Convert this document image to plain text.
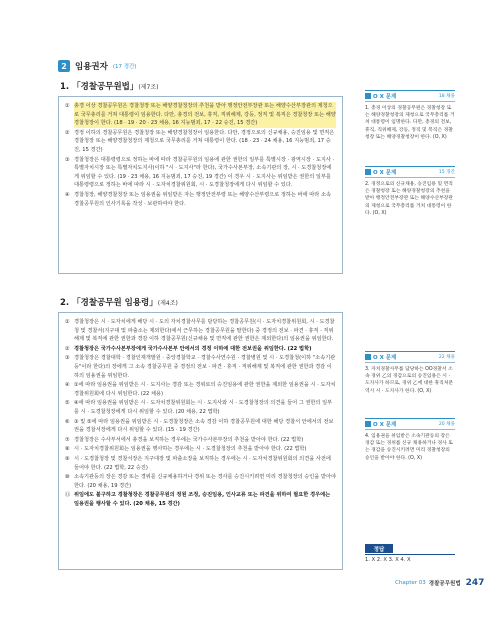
2 임용권자 (17 경간)
1. 「경찰공무원법」(제7조)
① 총경 이상 경찰공무원은 경찰청장 또는 해양경찰청장의 추천을 받아 행정안전부장관 또는 해양수산부장관의 제청으로 국무총리를 거쳐 대통령이 임용한다. 다만, 총경의 전보, 휴직, 직위해제, 강등, 정직 및 복직은 경찰청장 또는 해양경찰청장이 한다. (18 · 19 · 20 · 23 채용, 16 지능범죄, 17 · 22 승진, 15 경간)
② 경정 이하의 경찰공무원은 경찰청장 또는 해양경찰청장이 임용한다. 다만, 경정으로의 신규채용, 승진임용 및 면직은 경찰청장 또는 해양경찰청장의 제청으로 국무총리를 거쳐 대통령이 한다. (18 · 23 · 24 채용, 16 지능범죄, 17 승진, 15 경간)
③ 경찰청장은 대통령령으로 정하는 바에 따라 경찰공무원의 임용에 관한 권한의 일부를 특별시장 · 광역시장 · 도지사 · 특별자치시장 또는 특별자치도지사(이하 "시 · 도지사"라 한다), 국가수사본부장, 소속기관의 장, 시 · 도경찰청장에게 위임할 수 있다. (19 · 23 채용, 16 지능범죄, 17 승진, 19 경간) 이 경우 시 · 도지사는 위임받은 권한의 일부를 대통령령으로 정하는 바에 따라 시 · 도자치경찰위원회, 시 · 도경찰청장에게 다시 위임할 수 있다.
④ 경찰청장, 해양경찰청장 또는 임용권을 위임받은 자는 행정안전부령 또는 해양수산부령으로 정하는 바에 따라 소속 경찰공무원의 인사기록을 작성 · 보관하여야 한다.
2. 「경찰공무원 임용령」(제4조)
① 경찰청장은 시 · 도자치에게 해당 시 · 도의 자치경찰사무를 담당하는 경찰공무원(시 · 도자치경찰위원회, 시 · 도경찰청 및 경찰서(지구대 및 파출소는 제외한다)에서 근무하는 경찰공무원을 말한다) 중 경정의 전보 · 파견 · 휴직 · 직위해제 및 복직에 관한 권한과 경감 이하 경찰공무원(신규채용 및 면직에 관한 권한은 제외한다)의 임용권을 위임한다.
② 경찰청장은 국가수사본부장에게 국가수사본부 안에서의 경정 이하에 대한 전보권을 위임한다. (22 법학)
③ 경찰청장은 경찰대학 · 경찰인재개발원 · 중앙경찰학교 · 경찰수사연수원 · 경찰병원 및 시 · 도경찰청(이하 "소속기관등"이라 한다)의 장에게 그 소속 경찰공무원 중 경정의 전보 · 파견 · 휴직 · 직위해제 및 복직에 관한 권한과 경감 이하의 임용권을 위임한다.
④ ①에 따라 임용권을 위임받은 시 · 도지사는 경감 또는 경위로의 승진임용에 관한 권한을 제외한 임용권을 시 · 도자치경찰위원회에 다시 위임한다. (22 채용)
⑤ ④에 따라 임용권을 위임받은 시 · 도자치경찰위원회는 시 · 도지사와 시 · 도경찰청장의 의견을 들어 그 권한의 일부를 시 · 도경찰청장에게 다시 위임할 수 있다. (20 채용, 22 법학)
⑥ ③ 및 ⑤에 따라 임용권을 위임받은 시 · 도경찰청장은 소속 경감 이하 경찰공무원에 대한 해당 경찰서 안에서의 전보권을 경찰서장에게 다시 위임할 수 있다. (15 · 19 경간)
⑦ 경찰청장은 수사부서에서 총경을 보직하는 경우에는 국가수사본부장의 추천을 받아야 한다. (22 법학)
⑧ 시 · 도자치경찰위원회는 임용권을 행사하는 경우에는 시 · 도경찰청장의 추천을 받아야 한다. (22 법학)
⑨ 시 · 도경찰청장 및 경찰서장은 지구대장 및 파출소장을 보직하는 경우에는 시 · 도자치경찰위원회의 의견을 사전에 들어야 한다. (22 법학, 22 승진)
⑩ 소속기관등의 장은 경감 또는 경위를 신규채용하거나 경위 또는 경사를 승진시키려면 미리 경찰청장의 승인을 받아야 한다. (20 채용, 19 경간)
⑪ 위임에도 불구하고 경찰청장은 경찰공무원의 정원 조정, 승진임용, 인사교류 또는 파견을 위하여 필요한 경우에는 임용권을 행사할 수 있다. (20 채용, 15 경간)
O X 문제	18 채용
1. 총경 이상의 경찰공무원은 경찰청장 또는 해양경찰청장의 제청으로 국무총리를 거쳐 대통령이 임명한다. 다만, 총경의 전보, 휴직, 직위해제, 강등, 정직 및 복직은 경찰청장 또는 해양경찰청장이 한다. (O, X)
O X 문제	15 경간
2. 경정으로의 신규채용, 승진임용 및 면직은 경찰청장 또는 해양경찰청장의 추천을 받아 행정안전부장관 또는 해양수산부장관의 제청으로 국무총리를 거쳐 대통령이 한다. (O, X)
O X 문제	22 채용
3. 자치경찰사무를 담당하는 OO경찰서 소속 경위 乙의 경감으로의 승진임용은 시 · 도지사가 하므로, 경위 乙에 대한 휴직처분 역시 시 · 도지사가 한다. (O, X)
O X 문제	20 채용
4. 임용권을 위임받은 소속기관등의 장은 경감 또는 경위를 신규 채용하거나 경사 또는 경감을 승진시키려면 미리 경찰청장의 승인을 받아야 한다. (O, X)
정답
1. X 2. X 3. X 4. X
Chapter 03 경찰공무원법 247
